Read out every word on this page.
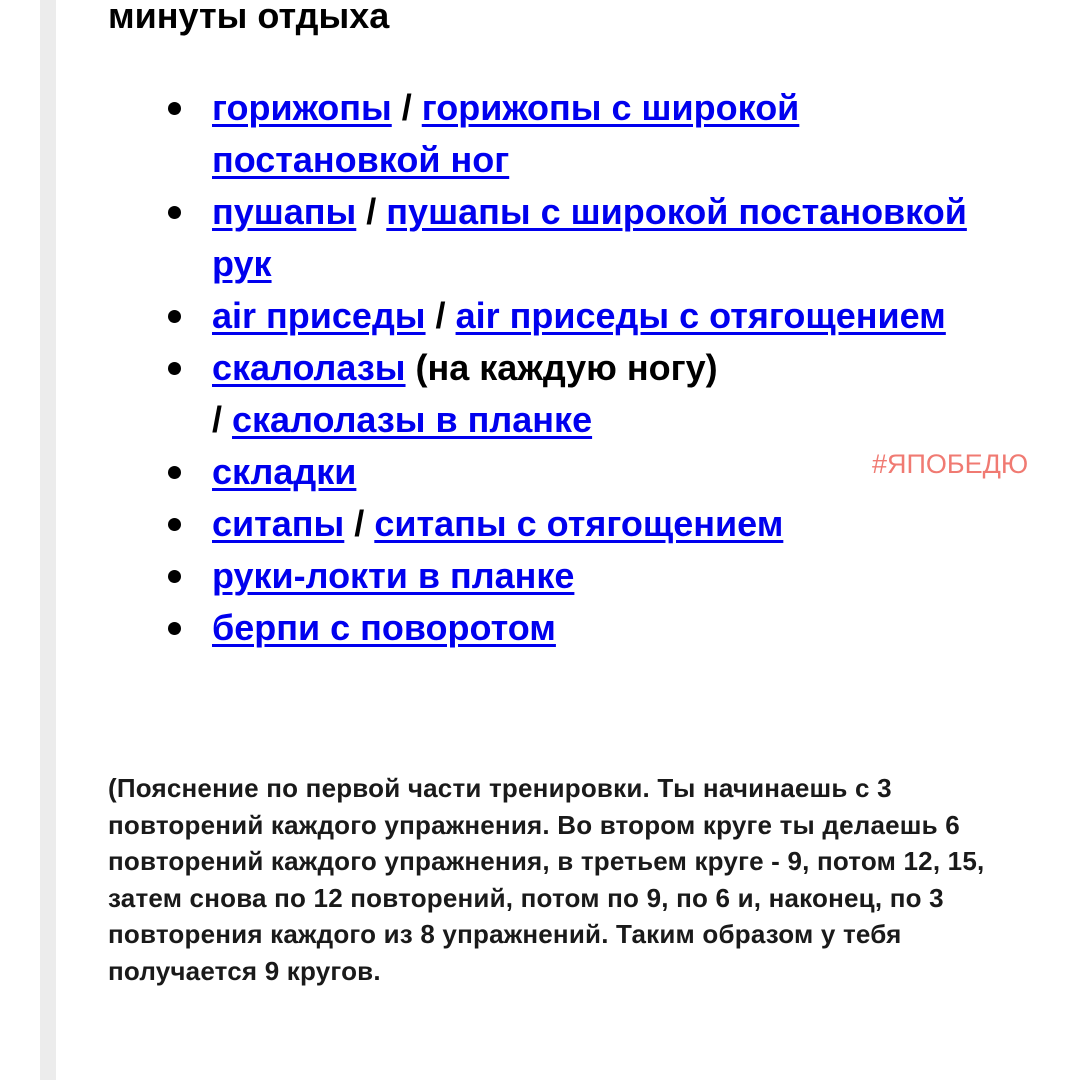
минуты отдыха
горижопы / горижопы с широкой постановкой ног
пушапы / пушапы с широкой постановкой рук
air приседы / air приседы с отягощением
скалолазы (на каждую ногу)
/ скалолазы в планке
складки
ситапы / ситапы с отягощением
руки-локти в планке
берпи с поворотом
#ЯПОБЕДЮ

(Пояснение по первой части тренировки. Ты начинаешь с 3 повторений каждого упражнения. Во втором круге ты делаешь 6 повторений каждого упражнения, в третьем круге - 9, потом 12, 15, затем снова по 12 повторений, потом по 9, по 6 и, наконец, по 3 повторения каждого из 8 упражнений. Таким образом у тебя получается 9 кругов.
